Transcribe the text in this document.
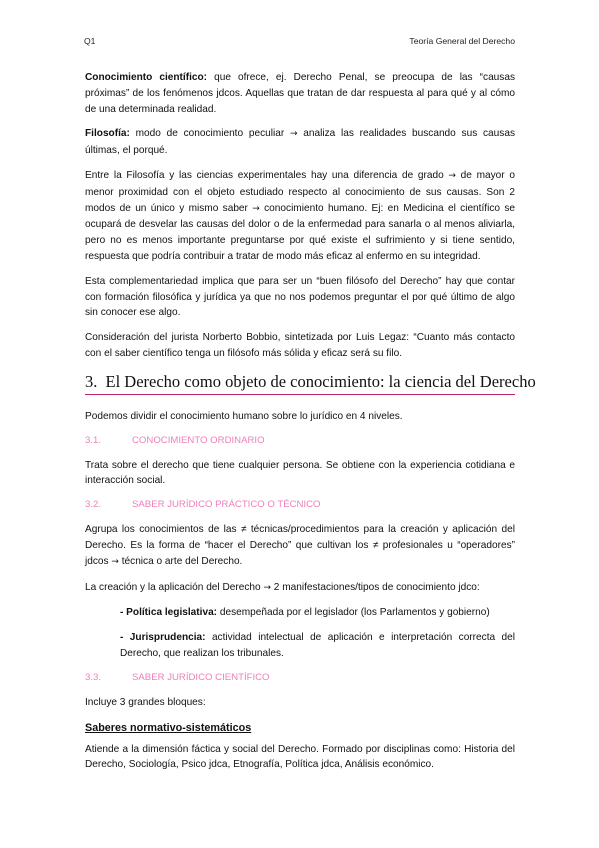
Q1	Teoría General del Derecho

Conocimiento científico: que ofrece, ej. Derecho Penal, se preocupa de las “causas próximas” de los fenómenos jdcos. Aquellas que tratan de dar respuesta al para qué y al cómo de una determinada realidad.

Filosofía: modo de conocimiento peculiar → analiza las realidades buscando sus causas últimas, el porqué.

Entre la Filosofía y las ciencias experimentales hay una diferencia de grado → de mayor o menor proximidad con el objeto estudiado respecto al conocimiento de sus causas. Son 2 modos de un único y mismo saber → conocimiento humano. Ej: en Medicina el científico se ocupará de desvelar las causas del dolor o de la enfermedad para sanarla o al menos aliviarla, pero no es menos importante preguntarse por qué existe el sufrimiento y si tiene sentido, respuesta que podría contribuir a tratar de modo más eficaz al enfermo en su integridad.

Esta complementariedad implica que para ser un “buen filósofo del Derecho” hay que contar con formación filosófica y jurídica ya que no nos podemos preguntar el por qué último de algo sin conocer ese algo.

Consideración del jurista Norberto Bobbio, sintetizada por Luis Legaz: “Cuanto más contacto con el saber científico tenga un filósofo más sólida y eficaz será su filo.

3. El Derecho como objeto de conocimiento: la ciencia del Derecho

Podemos dividir el conocimiento humano sobre lo jurídico en 4 niveles.

3.1.	CONOCIMIENTO ORDINARIO

Trata sobre el derecho que tiene cualquier persona. Se obtiene con la experiencia cotidiana e interacción social.

3.2.	SABER JURÍDICO PRÁCTICO O TÉCNICO

Agrupa los conocimientos de las ≠ técnicas/procedimientos para la creación y aplicación del Derecho. Es la forma de “hacer el Derecho” que cultivan los ≠ profesionales u “operadores” jdcos → técnica o arte del Derecho.

La creación y la aplicación del Derecho → 2 manifestaciones/tipos de conocimiento jdco:

- Política legislativa: desempeñada por el legislador (los Parlamentos y gobierno)

- Jurisprudencia: actividad intelectual de aplicación e interpretación correcta del Derecho, que realizan los tribunales.

3.3.	SABER JURÍDICO CIENTÍFICO

Incluye 3 grandes bloques:

Saberes normativo-sistemáticos

Atiende a la dimensión fáctica y social del Derecho. Formado por disciplinas como: Historia del Derecho, Sociología, Psico jdca, Etnografía, Política jdca, Análisis económico.
